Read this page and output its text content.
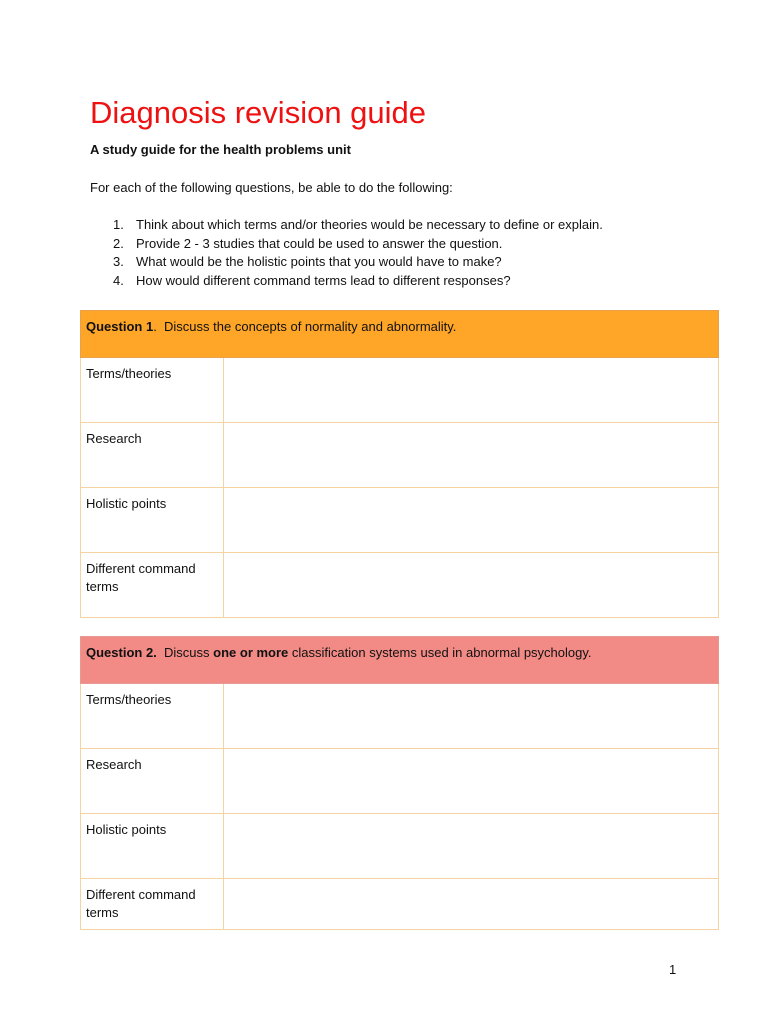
Diagnosis revision guide
A study guide for the health problems unit
For each of the following questions, be able to do the following:
1. Think about which terms and/or theories would be necessary to define or explain.
2. Provide 2 - 3 studies that could be used to answer the question.
3. What would be the holistic points that you would have to make?
4. How would different command terms lead to different responses?
Question 1.  Discuss the concepts of normality and abnormality.	
Terms/theories	
Research	
Holistic points	
Different command terms	
Question 2. Discuss one or more classification systems used in abnormal psychology.	
Terms/theories	
Research	
Holistic points	
Different command terms	
1
